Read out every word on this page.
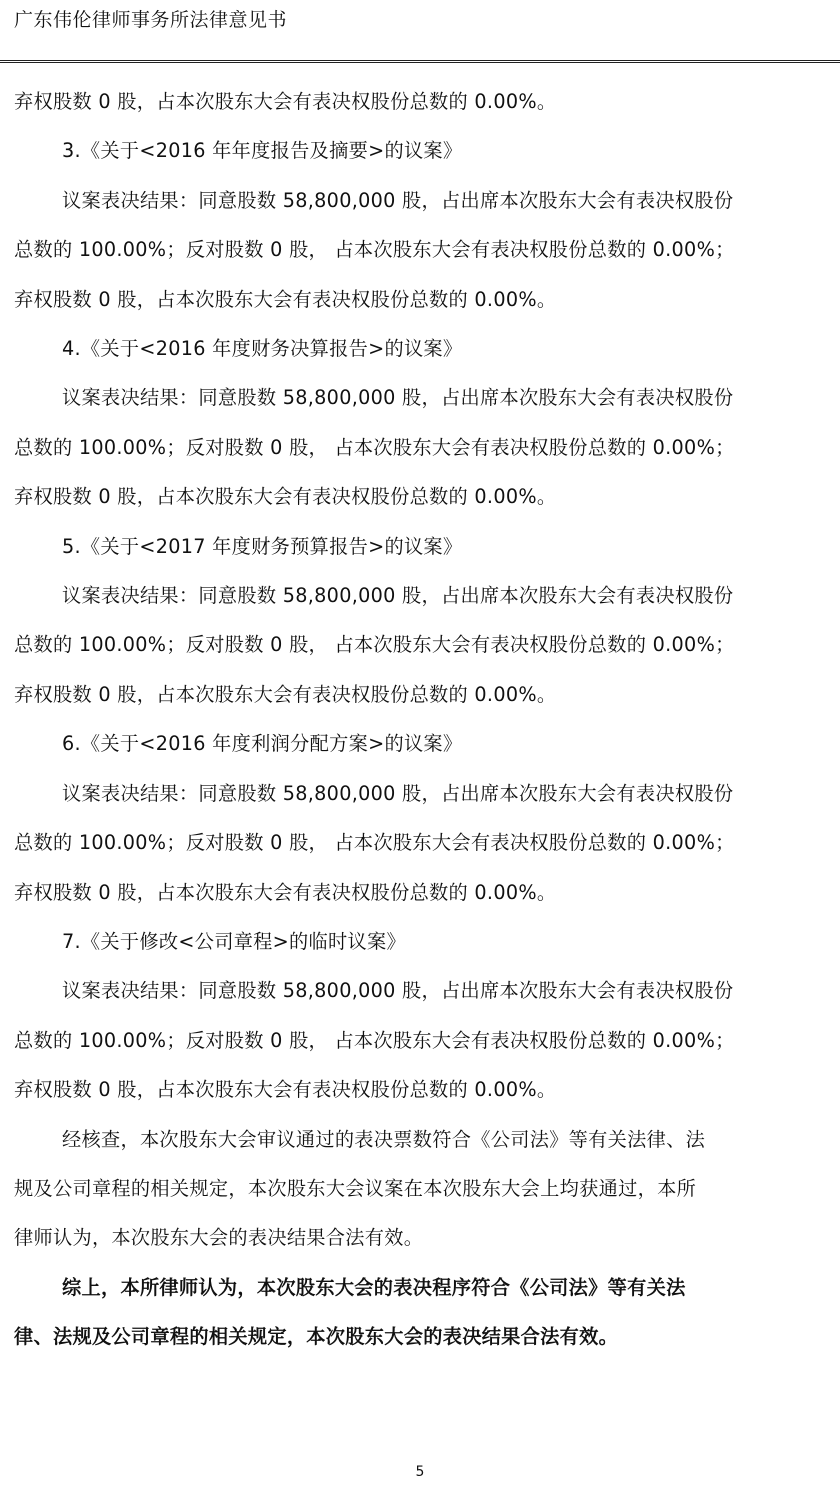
广东伟伦律师事务所法律意见书

弃权股数 0 股，占本次股东大会有表决权股份总数的 0.00%。

3.《关于<2016 年年度报告及摘要>的议案》

议案表决结果：同意股数 58,800,000 股，占出席本次股东大会有表决权股份

总数的 100.00%；反对股数 0 股， 占本次股东大会有表决权股份总数的 0.00%；

弃权股数 0 股，占本次股东大会有表决权股份总数的 0.00%。

4.《关于<2016 年度财务决算报告>的议案》

议案表决结果：同意股数 58,800,000 股，占出席本次股东大会有表决权股份

总数的 100.00%；反对股数 0 股， 占本次股东大会有表决权股份总数的 0.00%；

弃权股数 0 股，占本次股东大会有表决权股份总数的 0.00%。

5.《关于<2017 年度财务预算报告>的议案》

议案表决结果：同意股数 58,800,000 股，占出席本次股东大会有表决权股份

总数的 100.00%；反对股数 0 股， 占本次股东大会有表决权股份总数的 0.00%；

弃权股数 0 股，占本次股东大会有表决权股份总数的 0.00%。

6.《关于<2016 年度利润分配方案>的议案》

议案表决结果：同意股数 58,800,000 股，占出席本次股东大会有表决权股份

总数的 100.00%；反对股数 0 股， 占本次股东大会有表决权股份总数的 0.00%；

弃权股数 0 股，占本次股东大会有表决权股份总数的 0.00%。

7.《关于修改<公司章程>的临时议案》

议案表决结果：同意股数 58,800,000 股，占出席本次股东大会有表决权股份

总数的 100.00%；反对股数 0 股， 占本次股东大会有表决权股份总数的 0.00%；

弃权股数 0 股，占本次股东大会有表决权股份总数的 0.00%。

经核查，本次股东大会审议通过的表决票数符合《公司法》等有关法律、法

规及公司章程的相关规定，本次股东大会议案在本次股东大会上均获通过，本所

律师认为，本次股东大会的表决结果合法有效。

综上，本所律师认为，本次股东大会的表决程序符合《公司法》等有关法

律、法规及公司章程的相关规定，本次股东大会的表决结果合法有效。

5
